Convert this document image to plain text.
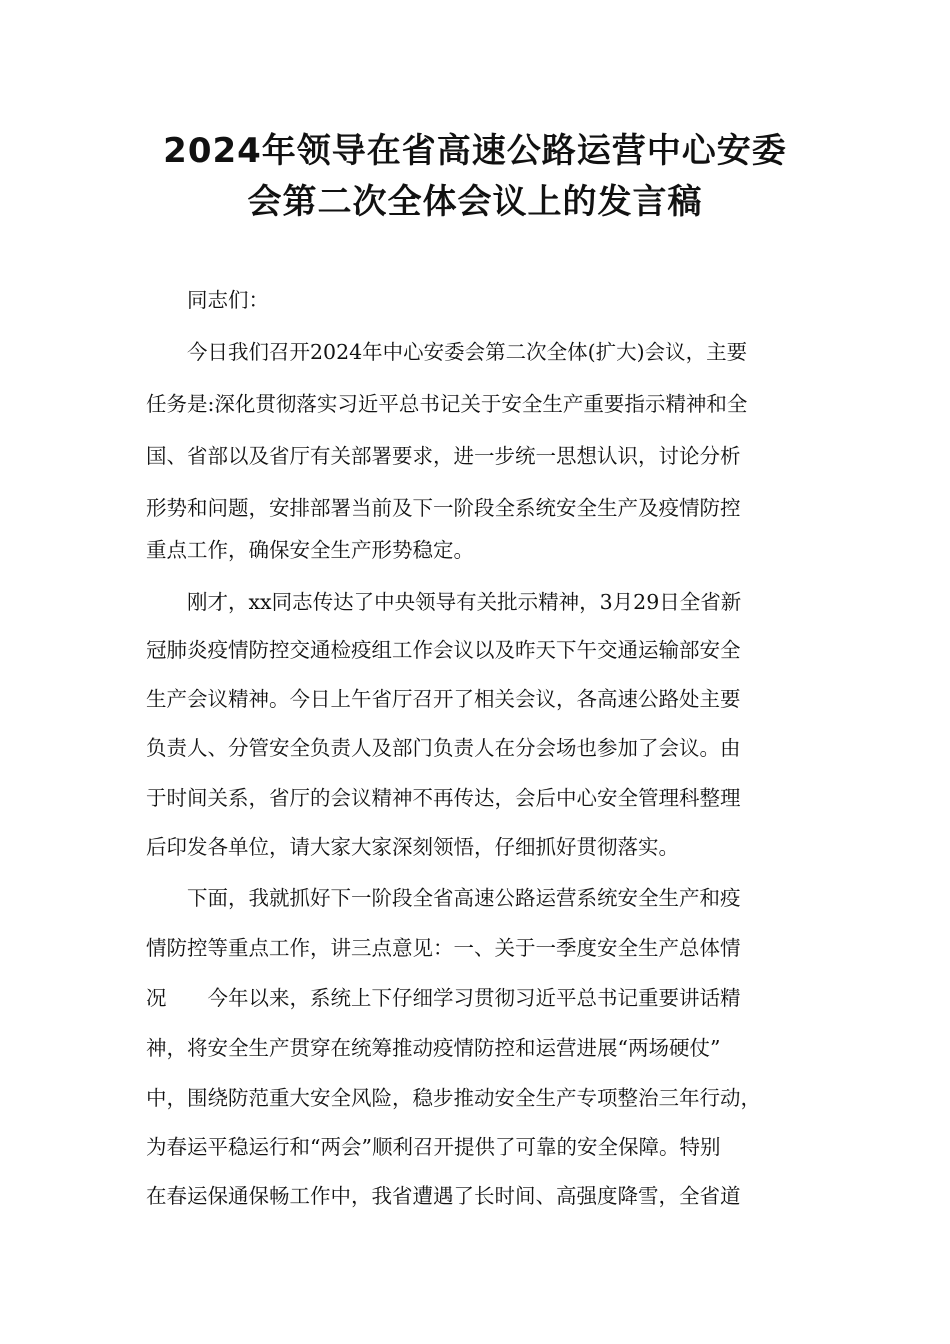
2024年领导在省高速公路运营中心安委
会第二次全体会议上的发言稿
　　同志们：
　　今日我们召开2024年中心安委会第二次全体(扩大)会议，主要
任务是:深化贯彻落实习近平总书记关于安全生产重要指示精神和全
国、省部以及省厅有关部署要求，进一步统一思想认识，讨论分析
形势和问题，安排部署当前及下一阶段全系统安全生产及疫情防控
重点工作，确保安全生产形势稳定。
　　刚才，xx同志传达了中央领导有关批示精神，3月29日全省新
冠肺炎疫情防控交通检疫组工作会议以及昨天下午交通运输部安全
生产会议精神。今日上午省厅召开了相关会议，各高速公路处主要
负责人、分管安全负责人及部门负责人在分会场也参加了会议。由
于时间关系，省厅的会议精神不再传达，会后中心安全管理科整理
后印发各单位，请大家大家深刻领悟，仔细抓好贯彻落实。
　　下面，我就抓好下一阶段全省高速公路运营系统安全生产和疫
情防控等重点工作，讲三点意见：一、关于一季度安全生产总体情
况　　今年以来，系统上下仔细学习贯彻习近平总书记重要讲话精
神，将安全生产贯穿在统筹推动疫情防控和运营进展“两场硬仗”
中，围绕防范重大安全风险，稳步推动安全生产专项整治三年行动，
为春运平稳运行和“两会”顺利召开提供了可靠的安全保障。特别
在春运保通保畅工作中，我省遭遇了长时间、高强度降雪，全省道
